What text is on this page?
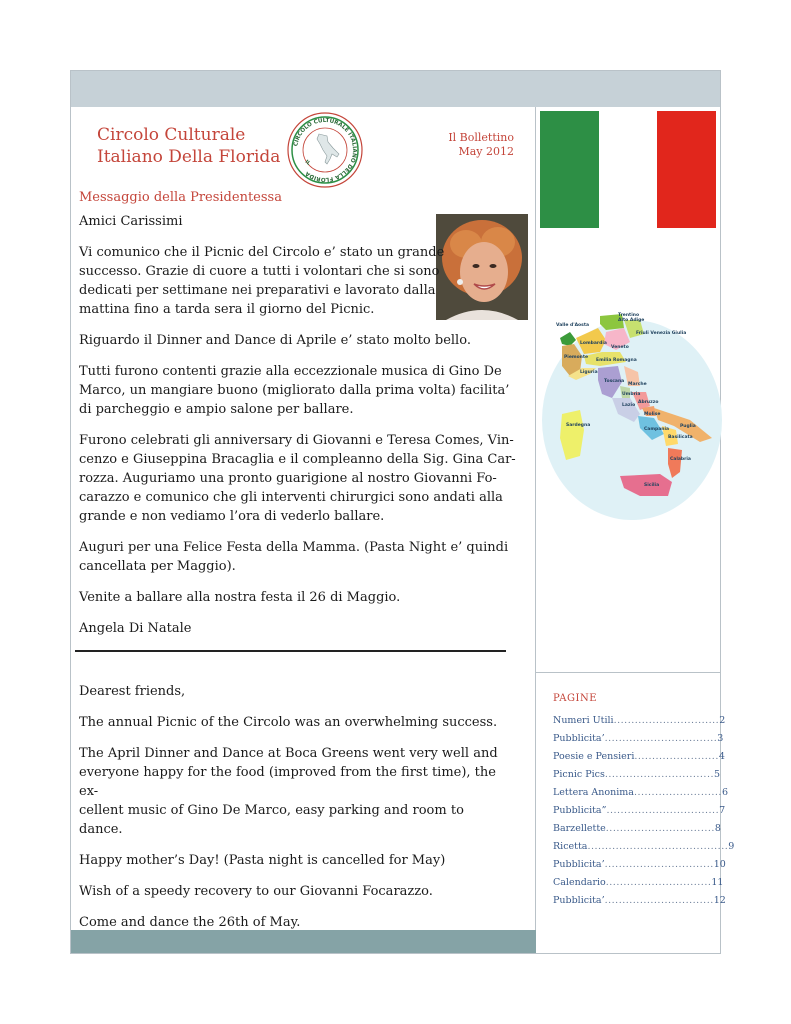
Circolo Culturale
Italiano Della Florida
CIRCOLO CULTURALE ITALIANO DELLA FLORIDA
IL
Il Bollettino
May 2012
Messaggio della Presidentessa

Amici Carissimi

Vi comunico che il Picnic del Circolo e’ stato un grande
successo. Grazie di cuore a tutti i volontari che si sono
dedicati per settimane nei preparativi e lavorato dalla
mattina fino a tarda sera il giorno del Picnic.

Riguardo il Dinner and Dance di Aprile e’ stato molto bello.

Tutti furono contenti grazie alla eccezzionale musica di Gino De
Marco, un mangiare buono (migliorato dalla prima volta) facilita’
di parcheggio e ampio salone per ballare.

Furono celebrati gli anniversary di Giovanni e Teresa Comes, Vin-
cenzo e Giuseppina Bracaglia e il compleanno della Sig. Gina Car-
rozza. Auguriamo una pronto guarigione al nostro Giovanni Fo-
carazzo e comunico che gli interventi chirurgici sono andati alla
grande e non vediamo l’ora di vederlo ballare.

Auguri per una Felice Festa della Mamma. (Pasta Night e’ quindi
cancellata per Maggio).

Venite a ballare alla nostra festa il 26 di Maggio.

Angela Di Natale

Dearest friends,

The annual Picnic of the Circolo was an overwhelming success.

The April Dinner and Dance at Boca Greens went very well and
everyone happy for the food (improved from the first time), the ex-
cellent music of Gino De Marco, easy parking and room to dance.

Happy mother’s Day! (Pasta night is cancelled for May)

Wish of a speedy recovery to our Giovanni Focarazzo.

Come and dance the 26th of May.

Valle d'Aosta
Trentino
Alto Adige
Friuli Venezia Giulia
Lombardia
Veneto
Piemonte
Emilia Romagna
Liguria
Toscana
Marche
Umbria
Lazio
Abruzzo
Molise
Sardegna
Campania
Puglia
Basilicata
Calabria
Sicilia
PAGINE
Numeri Utili .............................. 2
Pubblicita’ ................................ 3
Poesie e Pensieri ........................ 4
Picnic Pics ............................... 5
Lettera Anonima ......................... 6
Pubblicita” ................................ 7
Barzellette ............................... 8
Ricetta ........................................ 9
Pubblicita’ ............................... 10
Calendario .............................. 11
Pubblicita’ ............................... 12
